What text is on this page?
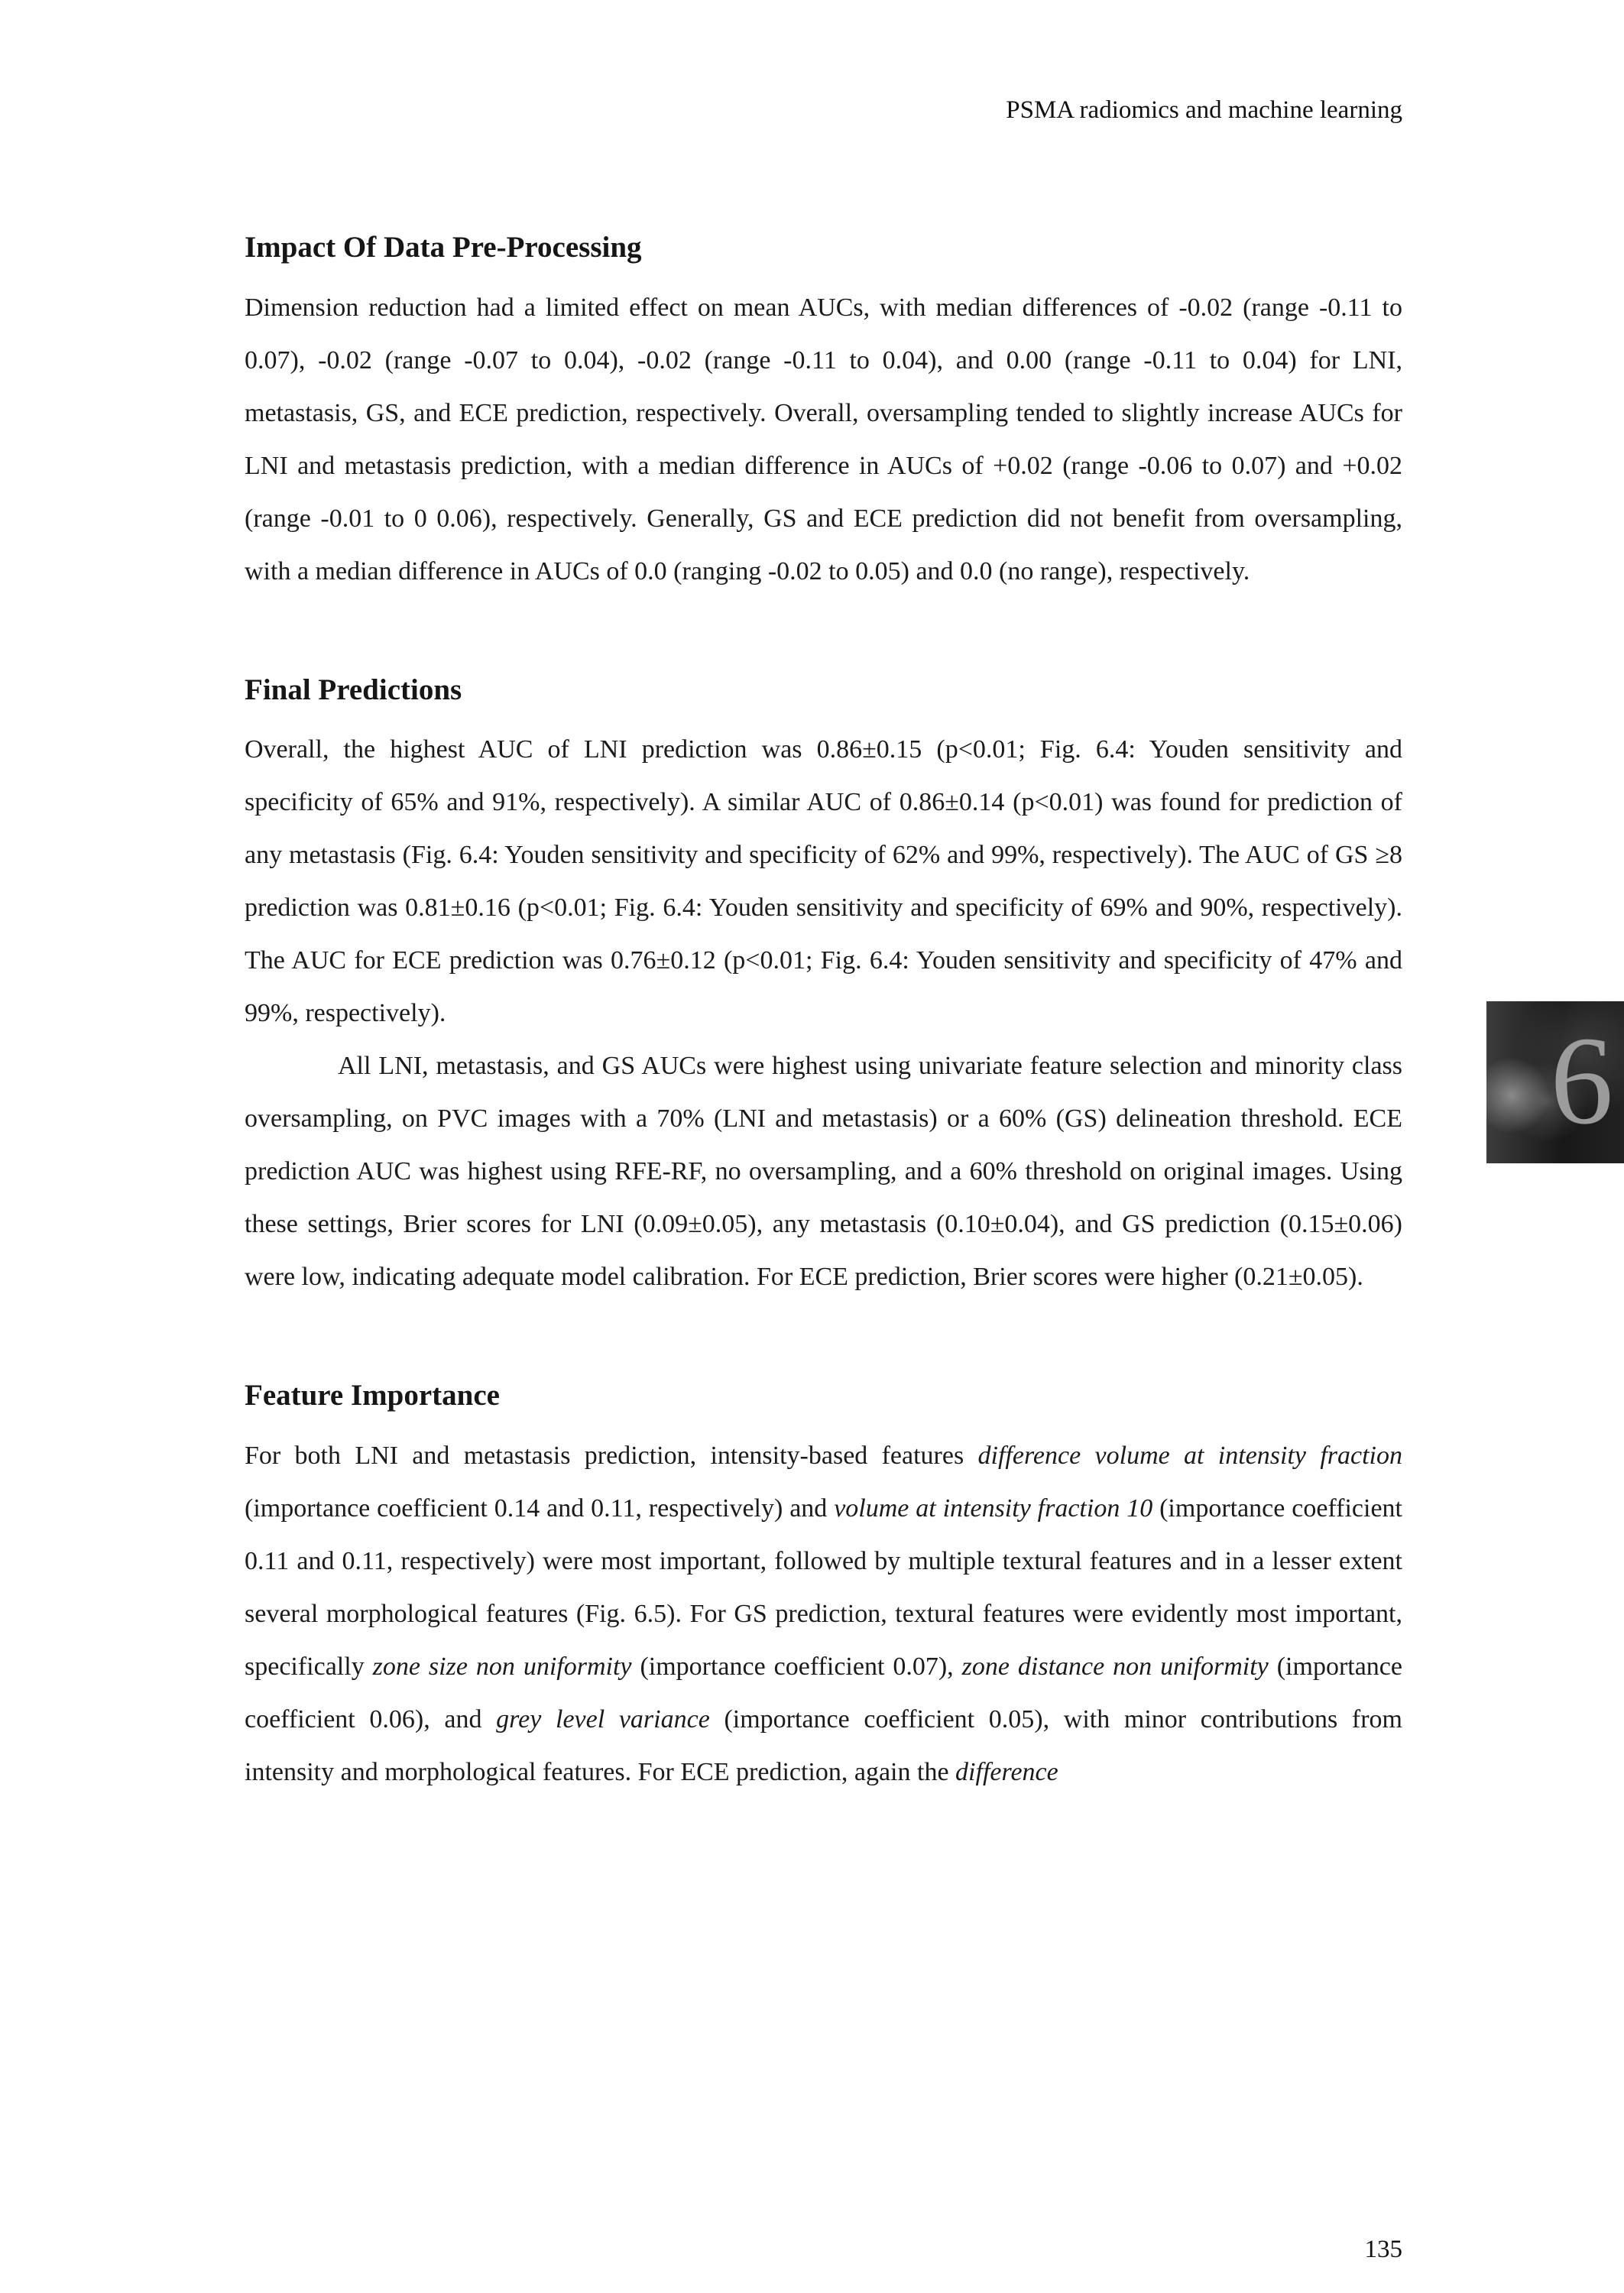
PSMA radiomics and machine learning
Impact Of Data Pre-Processing

Dimension reduction had a limited effect on mean AUCs, with median differences of -0.02 (range -0.11 to 0.07), -0.02 (range -0.07 to 0.04), -0.02 (range -0.11 to 0.04), and 0.00 (range -0.11 to 0.04) for LNI, metastasis, GS, and ECE prediction, respectively. Overall, oversampling tended to slightly increase AUCs for LNI and metastasis prediction, with a median difference in AUCs of +0.02 (range -0.06 to 0.07) and +0.02 (range -0.01 to 0 0.06), respectively. Generally, GS and ECE prediction did not benefit from oversampling, with a median difference in AUCs of 0.0 (ranging -0.02 to 0.05) and 0.0 (no range), respectively.

Final Predictions

Overall, the highest AUC of LNI prediction was 0.86±0.15 (p<0.01; Fig. 6.4: Youden sensitivity and specificity of 65% and 91%, respectively). A similar AUC of 0.86±0.14 (p<0.01) was found for prediction of any metastasis (Fig. 6.4: Youden sensitivity and specificity of 62% and 99%, respectively). The AUC of GS ≥8 prediction was 0.81±0.16 (p<0.01; Fig. 6.4: Youden sensitivity and specificity of 69% and 90%, respectively). The AUC for ECE prediction was 0.76±0.12 (p<0.01; Fig. 6.4: Youden sensitivity and specificity of 47% and 99%, respectively).

All LNI, metastasis, and GS AUCs were highest using univariate feature selection and minority class oversampling, on PVC images with a 70% (LNI and metastasis) or a 60% (GS) delineation threshold. ECE prediction AUC was highest using RFE-RF, no oversampling, and a 60% threshold on original images. Using these settings, Brier scores for LNI (0.09±0.05), any metastasis (0.10±0.04), and GS prediction (0.15±0.06) were low, indicating adequate model calibration. For ECE prediction, Brier scores were higher (0.21±0.05).

Feature Importance

For both LNI and metastasis prediction, intensity-based features difference volume at intensity fraction (importance coefficient 0.14 and 0.11, respectively) and volume at intensity fraction 10 (importance coefficient 0.11 and 0.11, respectively) were most important, followed by multiple textural features and in a lesser extent several morphological features (Fig. 6.5). For GS prediction, textural features were evidently most important, specifically zone size non uniformity (importance coefficient 0.07), zone distance non uniformity (importance coefficient 0.06), and grey level variance (importance coefficient 0.05), with minor contributions from intensity and morphological features. For ECE prediction, again the difference

6
135
